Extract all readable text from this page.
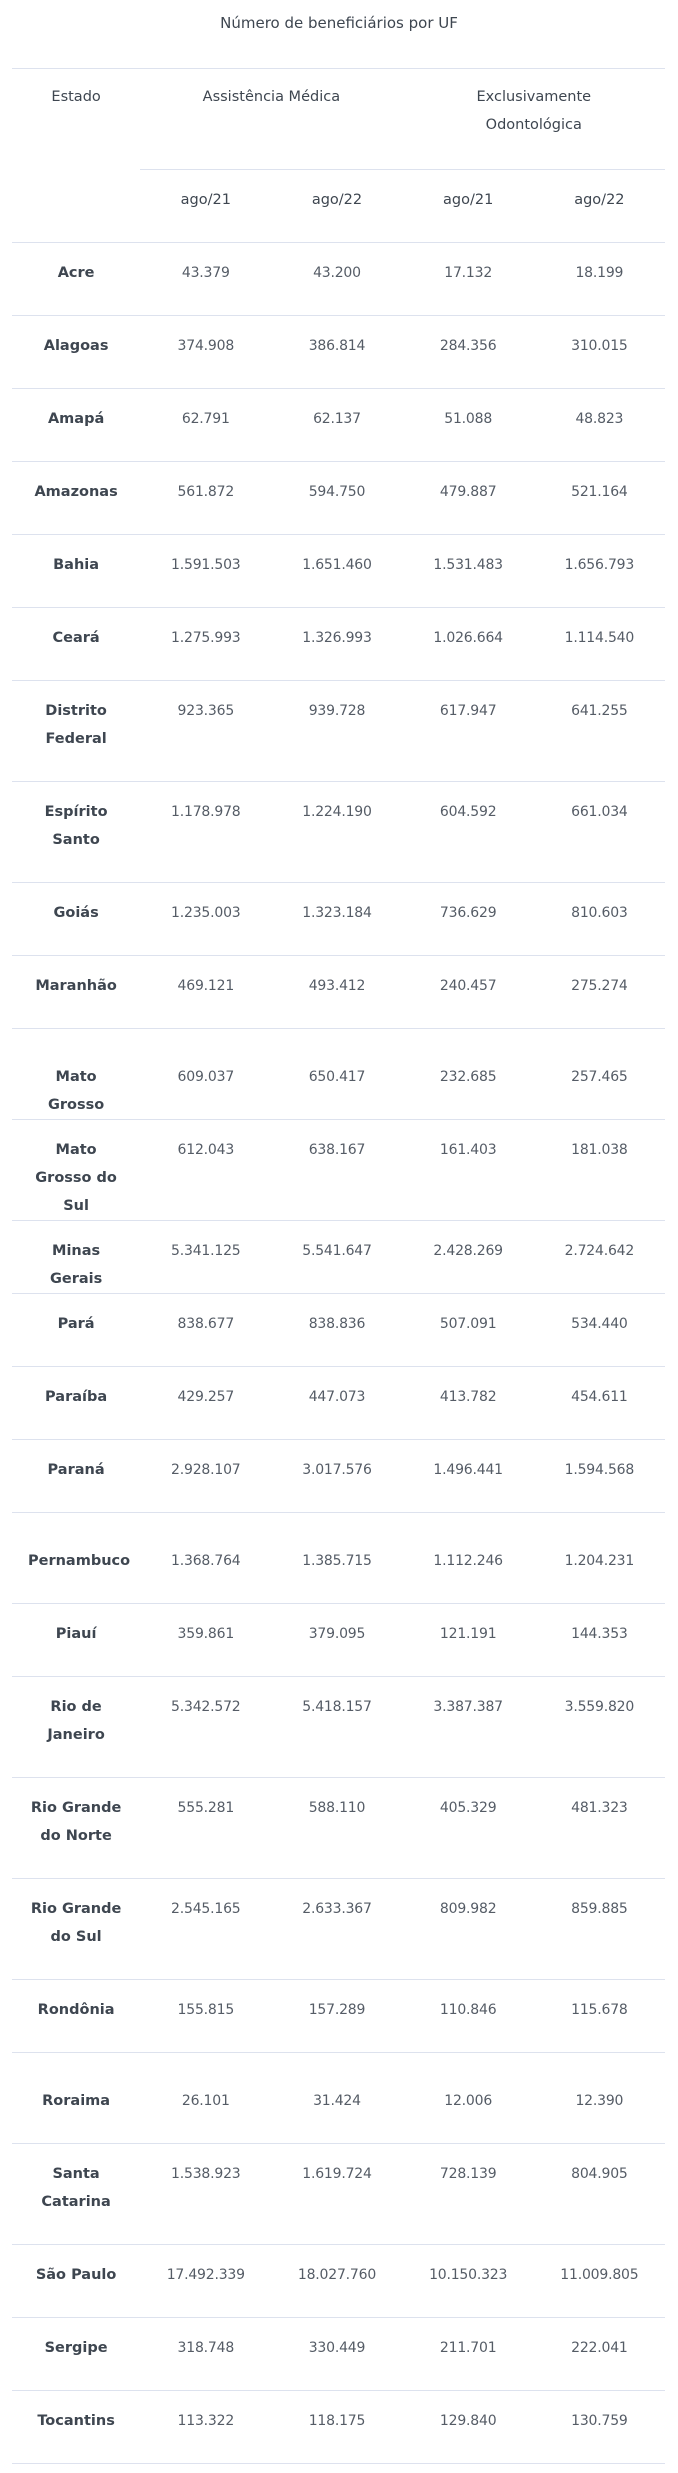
Número de beneficiários por UF
Estado	Assistência Médica		Exclusivamente Odontológica	
	ago/21	ago/22	ago/21	ago/22
Acre	43.379	43.200	17.132	18.199
Alagoas	374.908	386.814	284.356	310.015
Amapá	62.791	62.137	51.088	48.823
Amazonas	561.872	594.750	479.887	521.164
Bahia	1.591.503	1.651.460	1.531.483	1.656.793
Ceará	1.275.993	1.326.993	1.026.664	1.114.540
Distrito Federal	923.365	939.728	617.947	641.255
Espírito Santo	1.178.978	1.224.190	604.592	661.034
Goiás	1.235.003	1.323.184	736.629	810.603
Maranhão	469.121	493.412	240.457	275.274
Mato Grosso	609.037	650.417	232.685	257.465
Mato Grosso do Sul	612.043	638.167	161.403	181.038
Minas Gerais	5.341.125	5.541.647	2.428.269	2.724.642
Pará	838.677	838.836	507.091	534.440
Paraíba	429.257	447.073	413.782	454.611
Paraná	2.928.107	3.017.576	1.496.441	1.594.568
Pernambuco	1.368.764	1.385.715	1.112.246	1.204.231
Piauí	359.861	379.095	121.191	144.353
Rio de Janeiro	5.342.572	5.418.157	3.387.387	3.559.820
Rio Grande do Norte	555.281	588.110	405.329	481.323
Rio Grande do Sul	2.545.165	2.633.367	809.982	859.885
Rondônia	155.815	157.289	110.846	115.678
Roraima	26.101	31.424	12.006	12.390
Santa Catarina	1.538.923	1.619.724	728.139	804.905
São Paulo	17.492.339	18.027.760	10.150.323	11.009.805
Sergipe	318.748	330.449	211.701	222.041
Tocantins	113.322	118.175	129.840	130.759
